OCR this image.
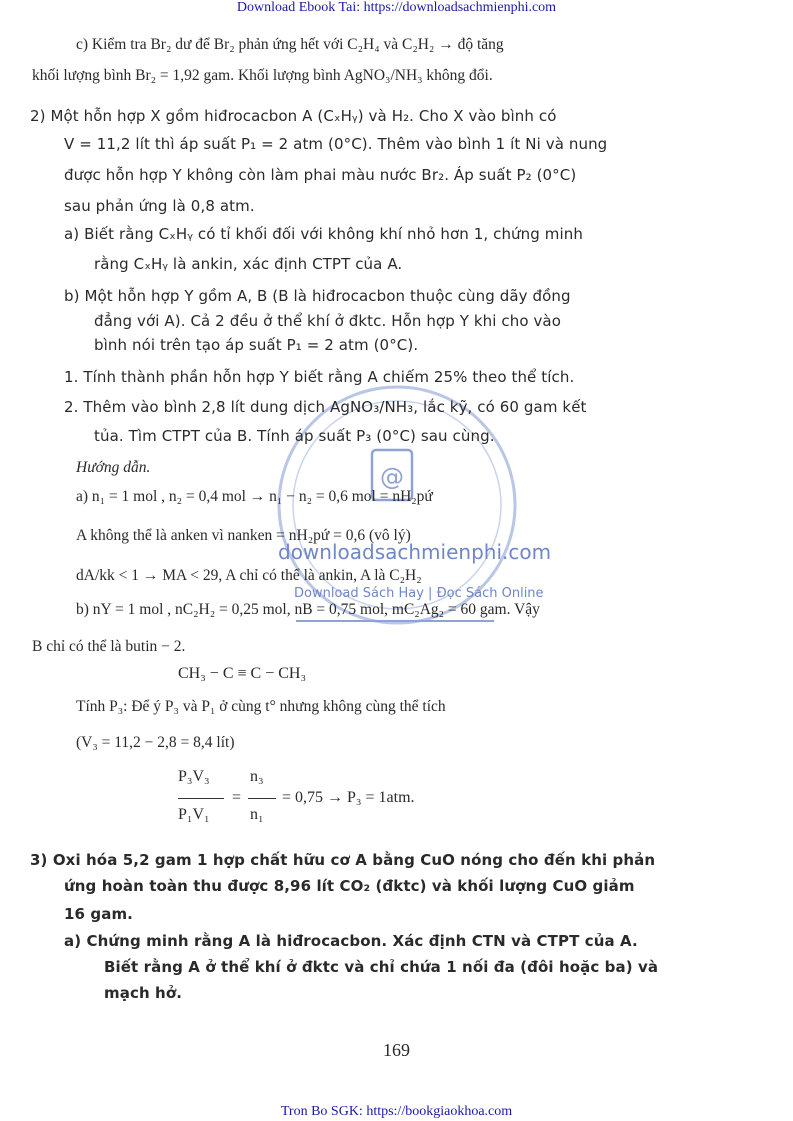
Download Ebook Tai: https://downloadsachmienphi.com
@
downloadsachmienphi.com
Download Sách Hay | Đọc Sách Online
c) Kiểm tra Br₂ dư để Br₂ phản ứng hết với C₂H₄ và C₂H₂ → độ tăng
khối lượng bình Br₂ = 1,92 gam. Khối lượng bình AgNO₃/NH₃ không đổi.
2) Một hỗn hợp X gồm hiđrocacbon A (CₓHᵧ) và H₂. Cho X vào bình có
V = 11,2 lít thì áp suất P₁ = 2 atm (0°C). Thêm vào bình 1 ít Ni và nung
được hỗn hợp Y không còn làm phai màu nước Br₂. Áp suất P₂ (0°C)
sau phản ứng là 0,8 atm.
a) Biết rằng CₓHᵧ có tỉ khối đối với không khí nhỏ hơn 1, chứng minh
rằng CₓHᵧ là ankin, xác định CTPT của A.
b) Một hỗn hợp Y gồm A, B (B là hiđrocacbon thuộc cùng dãy đồng
đẳng với A). Cả 2 đều ở thể khí ở đktc. Hỗn hợp Y khi cho vào
bình nói trên tạo áp suất P₁ = 2 atm (0°C).
1. Tính thành phần hỗn hợp Y biết rằng A chiếm 25% theo thể tích.
2. Thêm vào bình 2,8 lít dung dịch AgNO₃/NH₃, lắc kỹ, có 60 gam kết
tủa. Tìm CTPT của B. Tính áp suất P₃ (0°C) sau cùng.
Hướng dẫn.
a) n₁ = 1 mol , n₂ = 0,4 mol → n₁ − n₂ = 0,6 mol = nH₂pứ
A không thể là anken vì nanken = nH₂pứ = 0,6 (vô lý)
dA/kk < 1 → MA < 29, A chỉ có thể là ankin, A là C₂H₂
b) nY = 1 mol , nC₂H₂ = 0,25 mol, nB = 0,75 mol, mC₂Ag₂ = 60 gam. Vậy
B chỉ có thể là butin − 2.
CH₃ − C ≡ C − CH₃
Tính P₃: Để ý P₃ và P₁ ở cùng t° nhưng không cùng thể tích
(V₃ = 11,2 − 2,8 = 8,4 lít)
P₃V₃
P₁V₁
=
n₃
n₁
= 0,75 → P₃ = 1atm.
3) Oxi hóa 5,2 gam 1 hợp chất hữu cơ A bằng CuO nóng cho đến khi phản
ứng hoàn toàn thu được 8,96 lít CO₂ (đktc) và khối lượng CuO giảm
16 gam.
a) Chứng minh rằng A là hiđrocacbon. Xác định CTN và CTPT của A.
Biết rằng A ở thể khí ở đktc và chỉ chứa 1 nối đa (đôi hoặc ba) và
mạch hở.
169
Tron Bo SGK: https://bookgiaokhoa.com
